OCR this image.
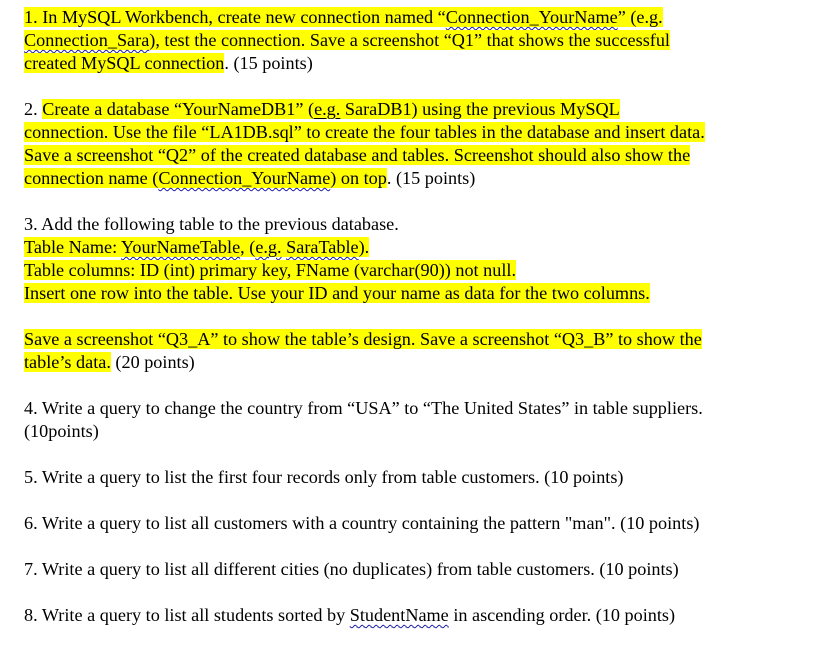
1. In MySQL Workbench, create new connection named “Connection_YourName” (e.g.
Connection_Sara), test the connection. Save a screenshot “Q1” that shows the successful
created MySQL connection. (15 points)
2. Create a database “YourNameDB1” (e.g. SaraDB1) using the previous MySQL
connection. Use the file “LA1DB.sql” to create the four tables in the database and insert data.
Save a screenshot “Q2” of the created database and tables. Screenshot should also show the
connection name (Connection_YourName) on top. (15 points)
3. Add the following table to the previous database.
Table Name: YourNameTable, (e.g. SaraTable).
Table columns: ID (int) primary key, FName (varchar(90)) not null.
Insert one row into the table. Use your ID and your name as data for the two columns.
Save a screenshot “Q3_A” to show the table’s design. Save a screenshot “Q3_B” to show the
table’s data. (20 points)
4. Write a query to change the country from “USA” to “The United States” in table suppliers.
(10points)
5. Write a query to list the first four records only from table customers. (10 points)
6. Write a query to list all customers with a country containing the pattern "man". (10 points)
7. Write a query to list all different cities (no duplicates) from table customers. (10 points)
8. Write a query to list all students sorted by StudentName in ascending order. (10 points)
